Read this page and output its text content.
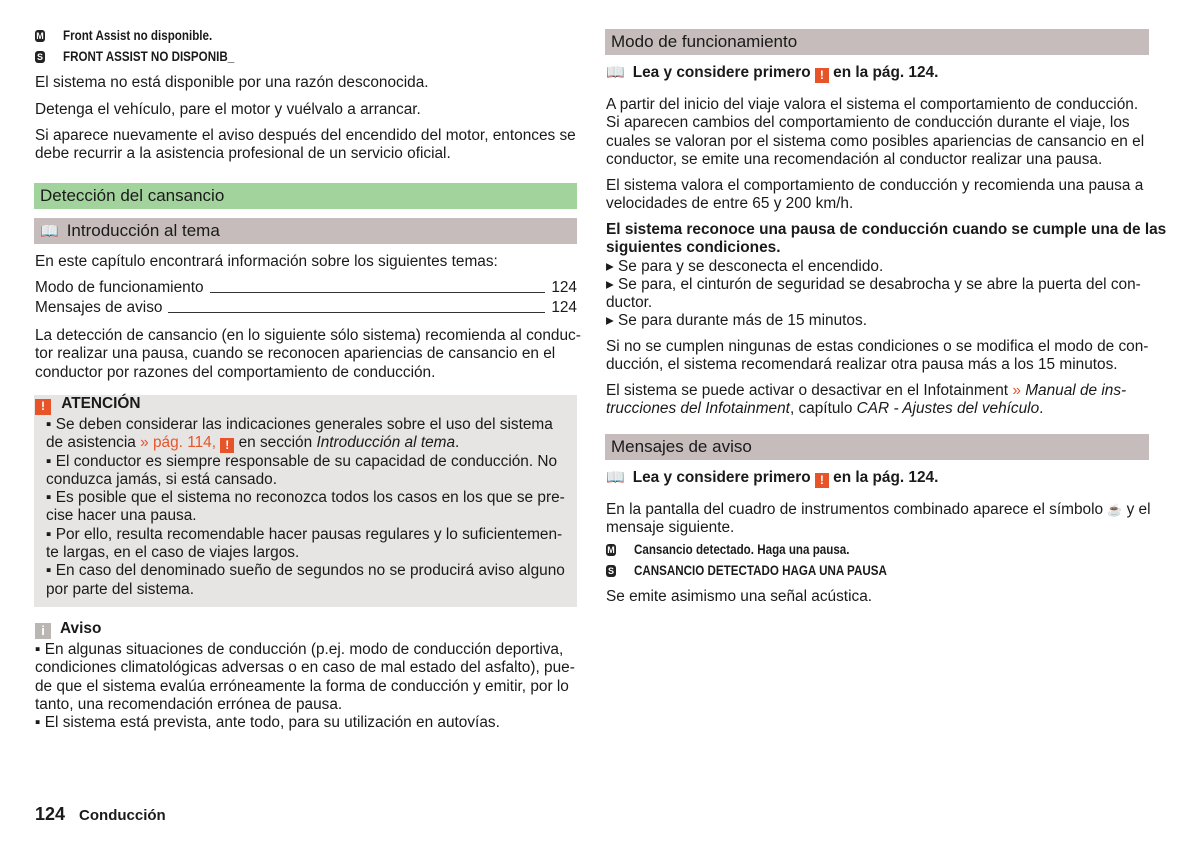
M Front Assist no disponible.
S FRONT ASSIST NO DISPONIB_
El sistema no está disponible por una razón desconocida.
Detenga el vehículo, pare el motor y vuélvalo a arrancar.
Si aparece nuevamente el aviso después del encendido del motor, entonces se
debe recurrir a la asistencia profesional de un servicio oficial.
Detección del cansancio
📖 Introducción al tema
En este capítulo encontrará información sobre los siguientes temas:
Modo de funcionamiento	124
Mensajes de aviso	124
La detección de cansancio (en lo siguiente sólo sistema) recomienda al conduc-
tor realizar una pausa, cuando se reconocen apariencias de cansancio en el
conductor por razones del comportamiento de conducción.
! ATENCIÓN
▪ Se deben considerar las indicaciones generales sobre el uso del sistema
de asistencia » pág. 114, ! en sección Introducción al tema.
▪ El conductor es siempre responsable de su capacidad de conducción. No
conduzca jamás, si está cansado.
▪ Es posible que el sistema no reconozca todos los casos en los que se pre-
cise hacer una pausa.
▪ Por ello, resulta recomendable hacer pausas regulares y lo suficientemen-
te largas, en el caso de viajes largos.
▪ En caso del denominado sueño de segundos no se producirá aviso alguno
por parte del sistema.
i Aviso
▪ En algunas situaciones de conducción (p.ej. modo de conducción deportiva,
condiciones climatológicas adversas o en caso de mal estado del asfalto), pue-
de que el sistema evalúa erróneamente la forma de conducción y emitir, por lo
tanto, una recomendación errónea de pausa.
▪ El sistema está prevista, ante todo, para su utilización en autovías.
124 Conducción
Modo de funcionamiento
📖 Lea y considere primero ! en la pág. 124.
A partir del inicio del viaje valora el sistema el comportamiento de conducción.
Si aparecen cambios del comportamiento de conducción durante el viaje, los
cuales se valoran por el sistema como posibles apariencias de cansancio en el
conductor, se emite una recomendación al conductor realizar una pausa.
El sistema valora el comportamiento de conducción y recomienda una pausa a
velocidades de entre 65 y 200 km/h.
El sistema reconoce una pausa de conducción cuando se cumple una de las
siguientes condiciones.
▸ Se para y se desconecta el encendido.
▸ Se para, el cinturón de seguridad se desabrocha y se abre la puerta del con-
ductor.
▸ Se para durante más de 15 minutos.
Si no se cumplen ningunas de estas condiciones o se modifica el modo de con-
ducción, el sistema recomendará realizar otra pausa más a los 15 minutos.
El sistema se puede activar o desactivar en el Infotainment » Manual de ins-
trucciones del Infotainment, capítulo CAR - Ajustes del vehículo.
Mensajes de aviso
📖 Lea y considere primero ! en la pág. 124.
En la pantalla del cuadro de instrumentos combinado aparece el símbolo ☕ y el
mensaje siguiente.
M Cansancio detectado. Haga una pausa.
S CANSANCIO DETECTADO HAGA UNA PAUSA
Se emite asimismo una señal acústica.
